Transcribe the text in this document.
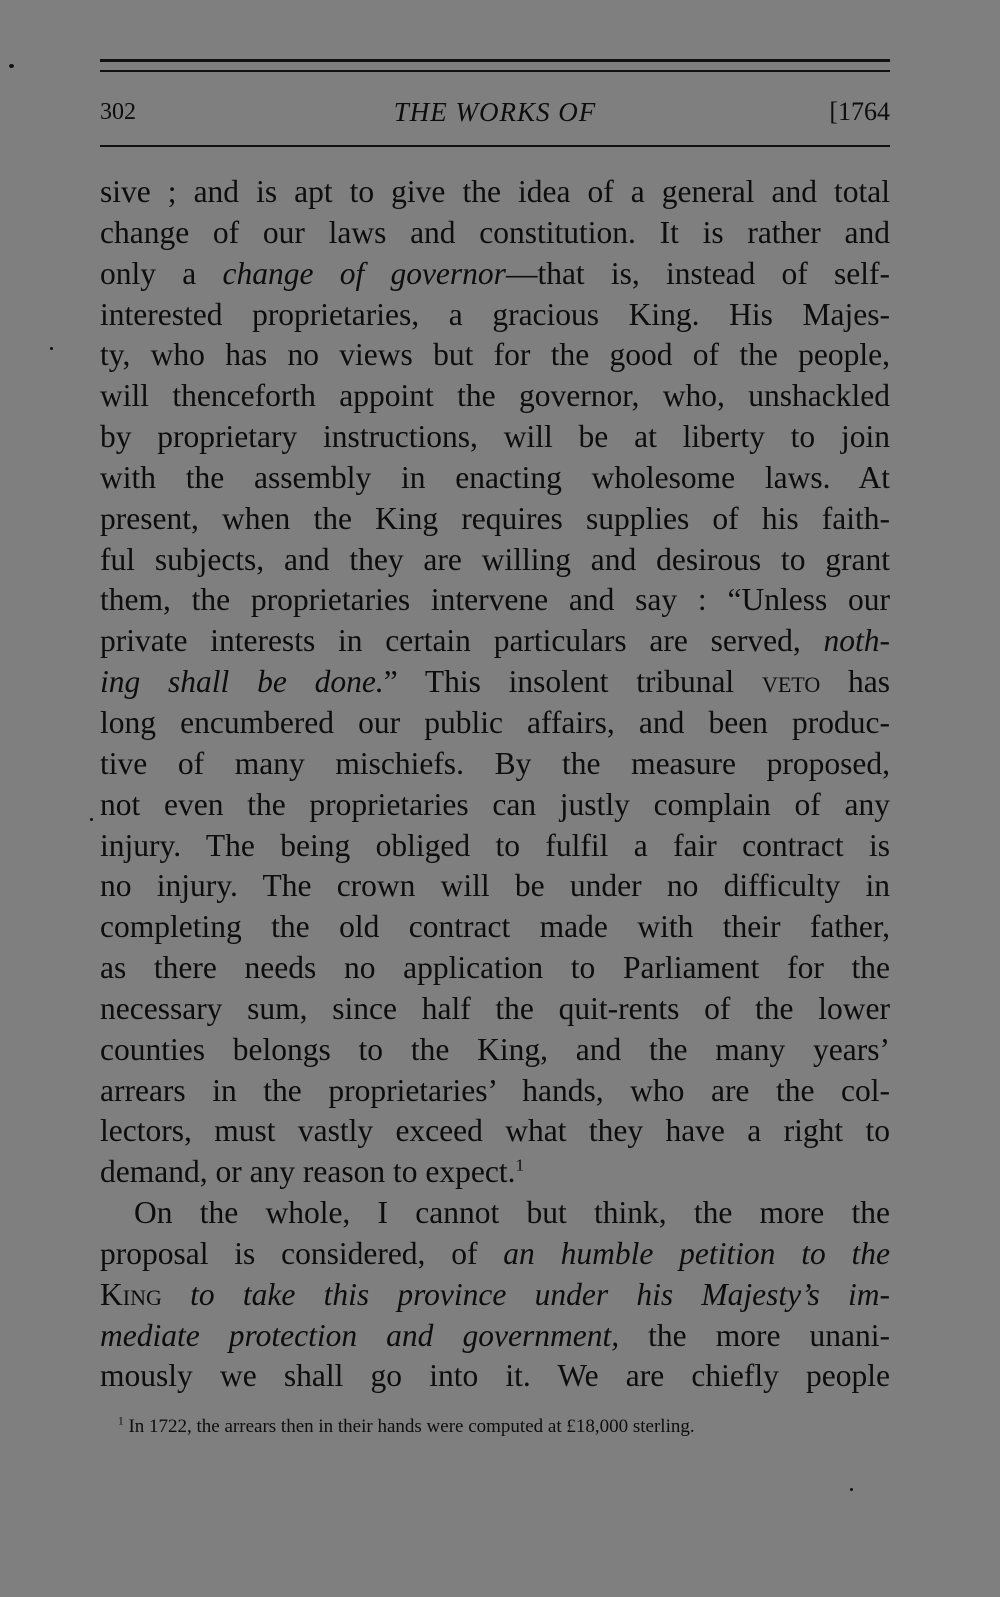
302	THE WORKS OF	[1764
sive ; and is apt to give the idea of a general and total
change of our laws and constitution. It is rather and
only a change of governor—that is, instead of self-
interested proprietaries, a gracious King. His Majes-
ty, who has no views but for the good of the people,
will thenceforth appoint the governor, who, unshackled
by proprietary instructions, will be at liberty to join
with the assembly in enacting wholesome laws. At
present, when the King requires supplies of his faith-
ful subjects, and they are willing and desirous to grant
them, the proprietaries intervene and say : “Unless our
private interests in certain particulars are served, noth-
ing shall be done.” This insolent tribunal veto has
long encumbered our public affairs, and been produc-
tive of many mischiefs. By the measure proposed,
not even the proprietaries can justly complain of any
injury. The being obliged to fulfil a fair contract is
no injury. The crown will be under no difficulty in
completing the old contract made with their father,
as there needs no application to Parliament for the
necessary sum, since half the quit-rents of the lower
counties belongs to the King, and the many years’
arrears in the proprietaries’ hands, who are the col-
lectors, must vastly exceed what they have a right to
demand, or any reason to expect.$^1$
On the whole, I cannot but think, the more the
proposal is considered, of an humble petition to the
King to take this province under his Majesty’s im-
mediate protection and government, the more unani-
mously we shall go into it. We are chiefly people
$^1$ In 1722, the arrears then in their hands were computed at £18,000 sterling.
